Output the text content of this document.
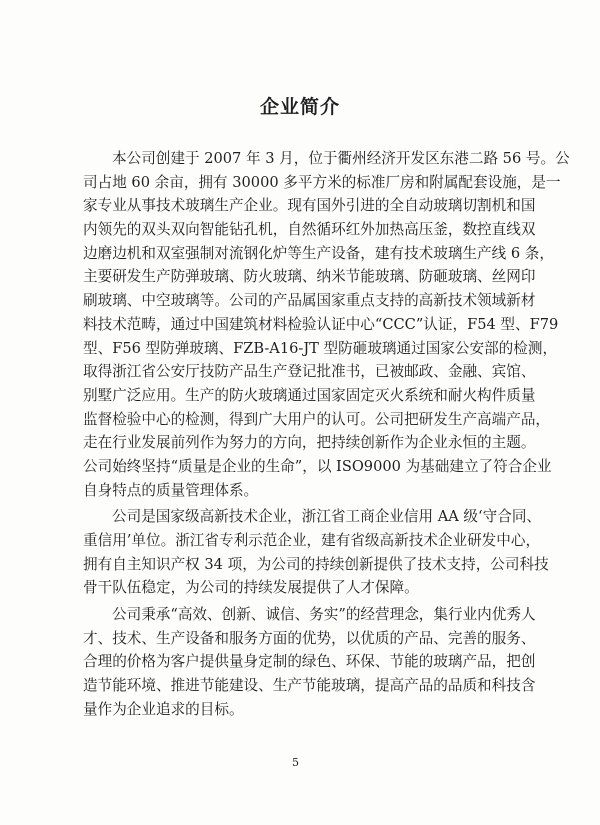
企业简介
本公司创建于 2007 年 3 月，位于衢州经济开发区东港二路 56 号。公
司占地 60 余亩，拥有 30000 多平方米的标准厂房和附属配套设施，是一
家专业从事技术玻璃生产企业。现有国外引进的全自动玻璃切割机和国
内领先的双头双向智能钻孔机，自然循环红外加热高压釜，数控直线双
边磨边机和双室强制对流钢化炉等生产设备，建有技术玻璃生产线 6 条，
主要研发生产防弹玻璃、防火玻璃、纳米节能玻璃、防砸玻璃、丝网印
刷玻璃、中空玻璃等。公司的产品属国家重点支持的高新技术领域新材
料技术范畴，通过中国建筑材料检验认证中心“CCC”认证，F54 型、F79
型、F56 型防弹玻璃、FZB-A16-JT 型防砸玻璃通过国家公安部的检测，
取得浙江省公安厅技防产品生产登记批准书，已被邮政、金融、宾馆、
别墅广泛应用。生产的防火玻璃通过国家固定灭火系统和耐火构件质量
监督检验中心的检测，得到广大用户的认可。公司把研发生产高端产品，
走在行业发展前列作为努力的方向，把持续创新作为企业永恒的主题。
公司始终坚持“质量是企业的生命”，以 ISO9000 为基础建立了符合企业
自身特点的质量管理体系。
公司是国家级高新技术企业，浙江省工商企业信用 AA 级‘守合同、
重信用’单位。浙江省专利示范企业，建有省级高新技术企业研发中心，
拥有自主知识产权 34 项，为公司的持续创新提供了技术支持，公司科技
骨干队伍稳定，为公司的持续发展提供了人才保障。
公司秉承“高效、创新、诚信、务实”的经营理念，集行业内优秀人
才、技术、生产设备和服务方面的优势，以优质的产品、完善的服务、
合理的价格为客户提供量身定制的绿色、环保、节能的玻璃产品，把创
造节能环境、推进节能建设、生产节能玻璃，提高产品的品质和科技含
量作为企业追求的目标。
5
